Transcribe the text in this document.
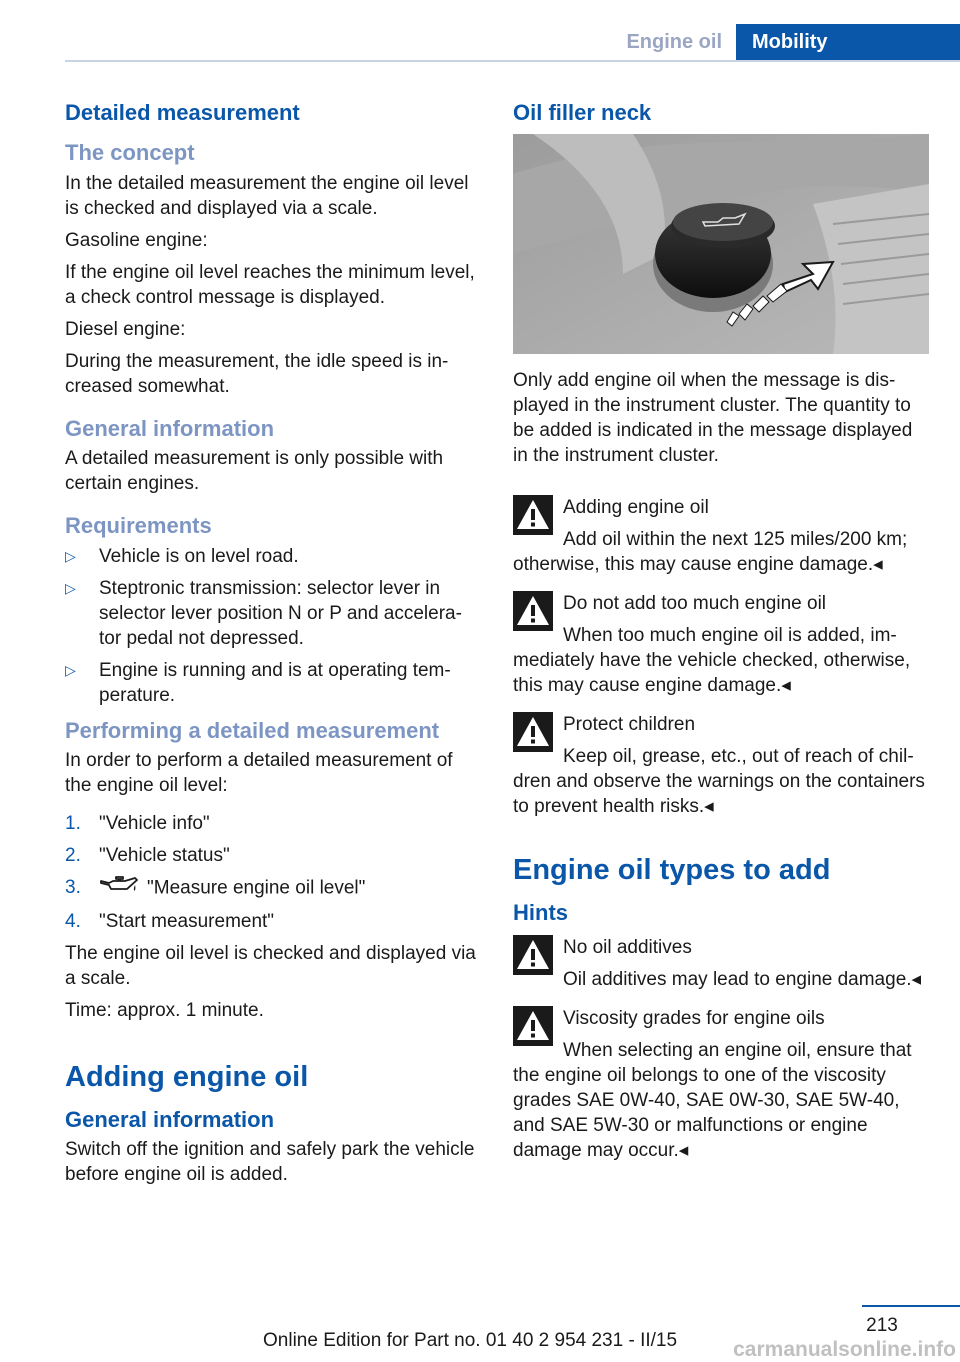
Engine oil	Mobility
Detailed measurement
The concept

In the detailed measurement the engine oil level is checked and displayed via a scale.

Gasoline engine:

If the engine oil level reaches the minimum level, a check control message is displayed.

Diesel engine:

During the measurement, the idle speed is increased somewhat.

General information

A detailed measurement is only possible with certain engines.

Requirements
▷ Vehicle is on level road.
▷ Steptronic transmission: selector lever in selector lever position N or P and accelerator pedal not depressed.
▷ Engine is running and is at operating temperature.
Performing a detailed measurement

In order to perform a detailed measurement of the engine oil level:

1. "Vehicle info"
2. "Vehicle status"
3.	"Measure engine oil level"
4. "Start measurement"

The engine oil level is checked and displayed via a scale.

Time: approx. 1 minute.

Adding engine oil
General information

Switch off the ignition and safely park the vehicle before engine oil is added.

Oil filler neck

Only add engine oil when the message is displayed in the instrument cluster. The quantity to be added is indicated in the message displayed in the instrument cluster.

Adding engine oil

Add oil within the next 125 miles/200 km; otherwise, this may cause engine damage.◂

Do not add too much engine oil

When too much engine oil is added, immediately have the vehicle checked, otherwise, this may cause engine damage.◂

Protect children

Keep oil, grease, etc., out of reach of children and observe the warnings on the containers to prevent health risks.◂

Engine oil types to add
Hints

No oil additives

Oil additives may lead to engine damage.◂

Viscosity grades for engine oils

When selecting an engine oil, ensure that the engine oil belongs to one of the viscosity grades SAE 0W-40, SAE 0W-30, SAE 5W-40, and SAE 5W-30 or malfunctions or engine damage may occur.◂

213
Online Edition for Part no. 01 40 2 954 231 - II/15	carmanualsonline.info
